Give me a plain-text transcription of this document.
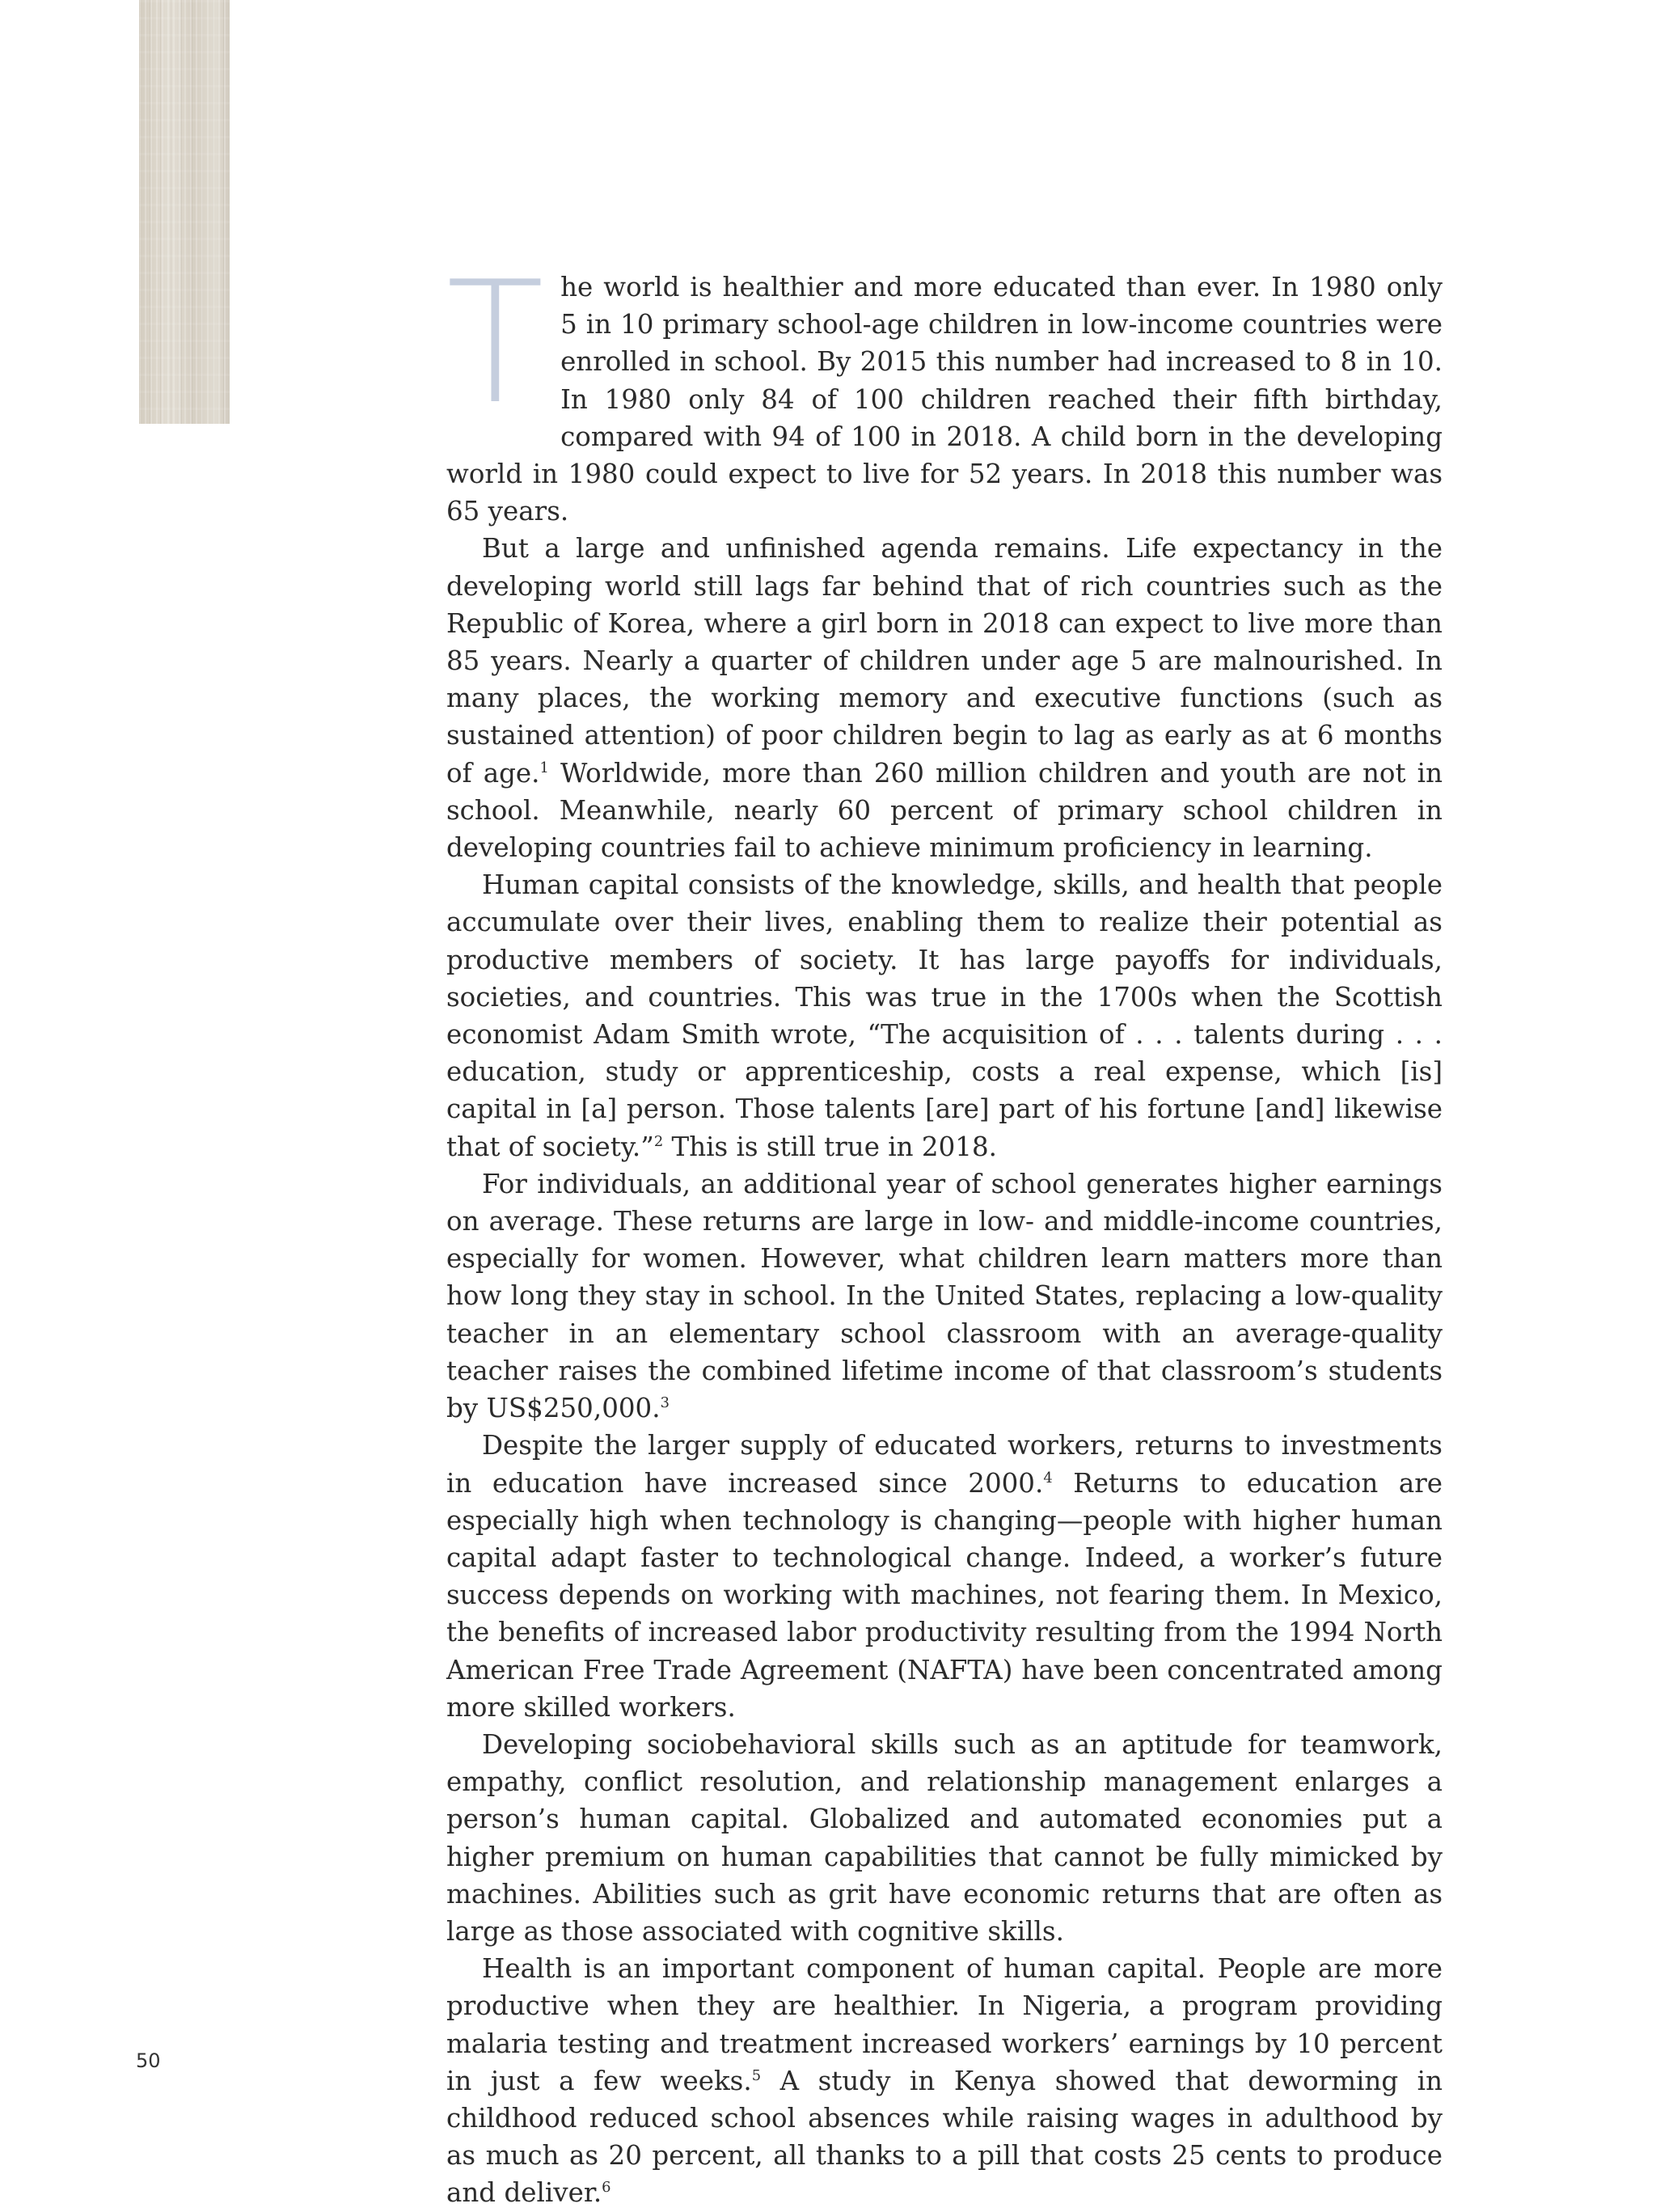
The world is healthier and more educated than ever. In 1980 only 5 in 10 primary school-age children in low-income countries were enrolled in school. By 2015 this number had increased to 8 in 10. In 1980 only 84 of 100 children reached their fifth birthday, compared with 94 of 100 in 2018. A child born in the developing world in 1980 could expect to live for 52 years. In 2018 this number was 65 years.

But a large and unfinished agenda remains. Life expectancy in the developing world still lags far behind that of rich countries such as the Republic of Korea, where a girl born in 2018 can expect to live more than 85 years. Nearly a quarter of children under age 5 are malnourished. In many places, the working memory and executive functions (such as sustained attention) of poor children begin to lag as early as at 6 months of age.$^1$ Worldwide, more than 260 million children and youth are not in school. Meanwhile, nearly 60 percent of primary school children in developing countries fail to achieve minimum proficiency in learning.

Human capital consists of the knowledge, skills, and health that people accumulate over their lives, enabling them to realize their potential as productive members of society. It has large payoffs for individuals, societies, and countries. This was true in the 1700s when the Scottish economist Adam Smith wrote, “The acquisition of . . . talents during . . . education, study or apprenticeship, costs a real expense, which [is] capital in [a] person. Those talents [are] part of his fortune [and] likewise that of society.”$^2$ This is still true in 2018.

For individuals, an additional year of school generates higher earnings on average. These returns are large in low- and middle-income countries, especially for women. However, what children learn matters more than how long they stay in school. In the United States, replacing a low-quality teacher in an elementary school classroom with an average-quality teacher raises the combined lifetime income of that classroom’s students by US$250,000.$^3$

Despite the larger supply of educated workers, returns to investments in education have increased since 2000.$^4$ Returns to education are especially high when technology is changing—people with higher human capital adapt faster to technological change. Indeed, a worker’s future success depends on working with machines, not fearing them. In Mexico, the benefits of increased labor productivity resulting from the 1994 North American Free Trade Agreement (NAFTA) have been concentrated among more skilled workers.

Developing sociobehavioral skills such as an aptitude for teamwork, empathy, conflict resolution, and relationship management enlarges a person’s human capital. Globalized and automated economies put a higher premium on human capabilities that cannot be fully mimicked by machines. Abilities such as grit have economic returns that are often as large as those associated with cognitive skills.

Health is an important component of human capital. People are more productive when they are healthier. In Nigeria, a program providing malaria testing and treatment increased workers’ earnings by 10 percent in just a few weeks.$^5$ A study in Kenya showed that deworming in childhood reduced school absences while raising wages in adulthood by as much as 20 percent, all thanks to a pill that costs 25 cents to produce and deliver.$^6$

50
